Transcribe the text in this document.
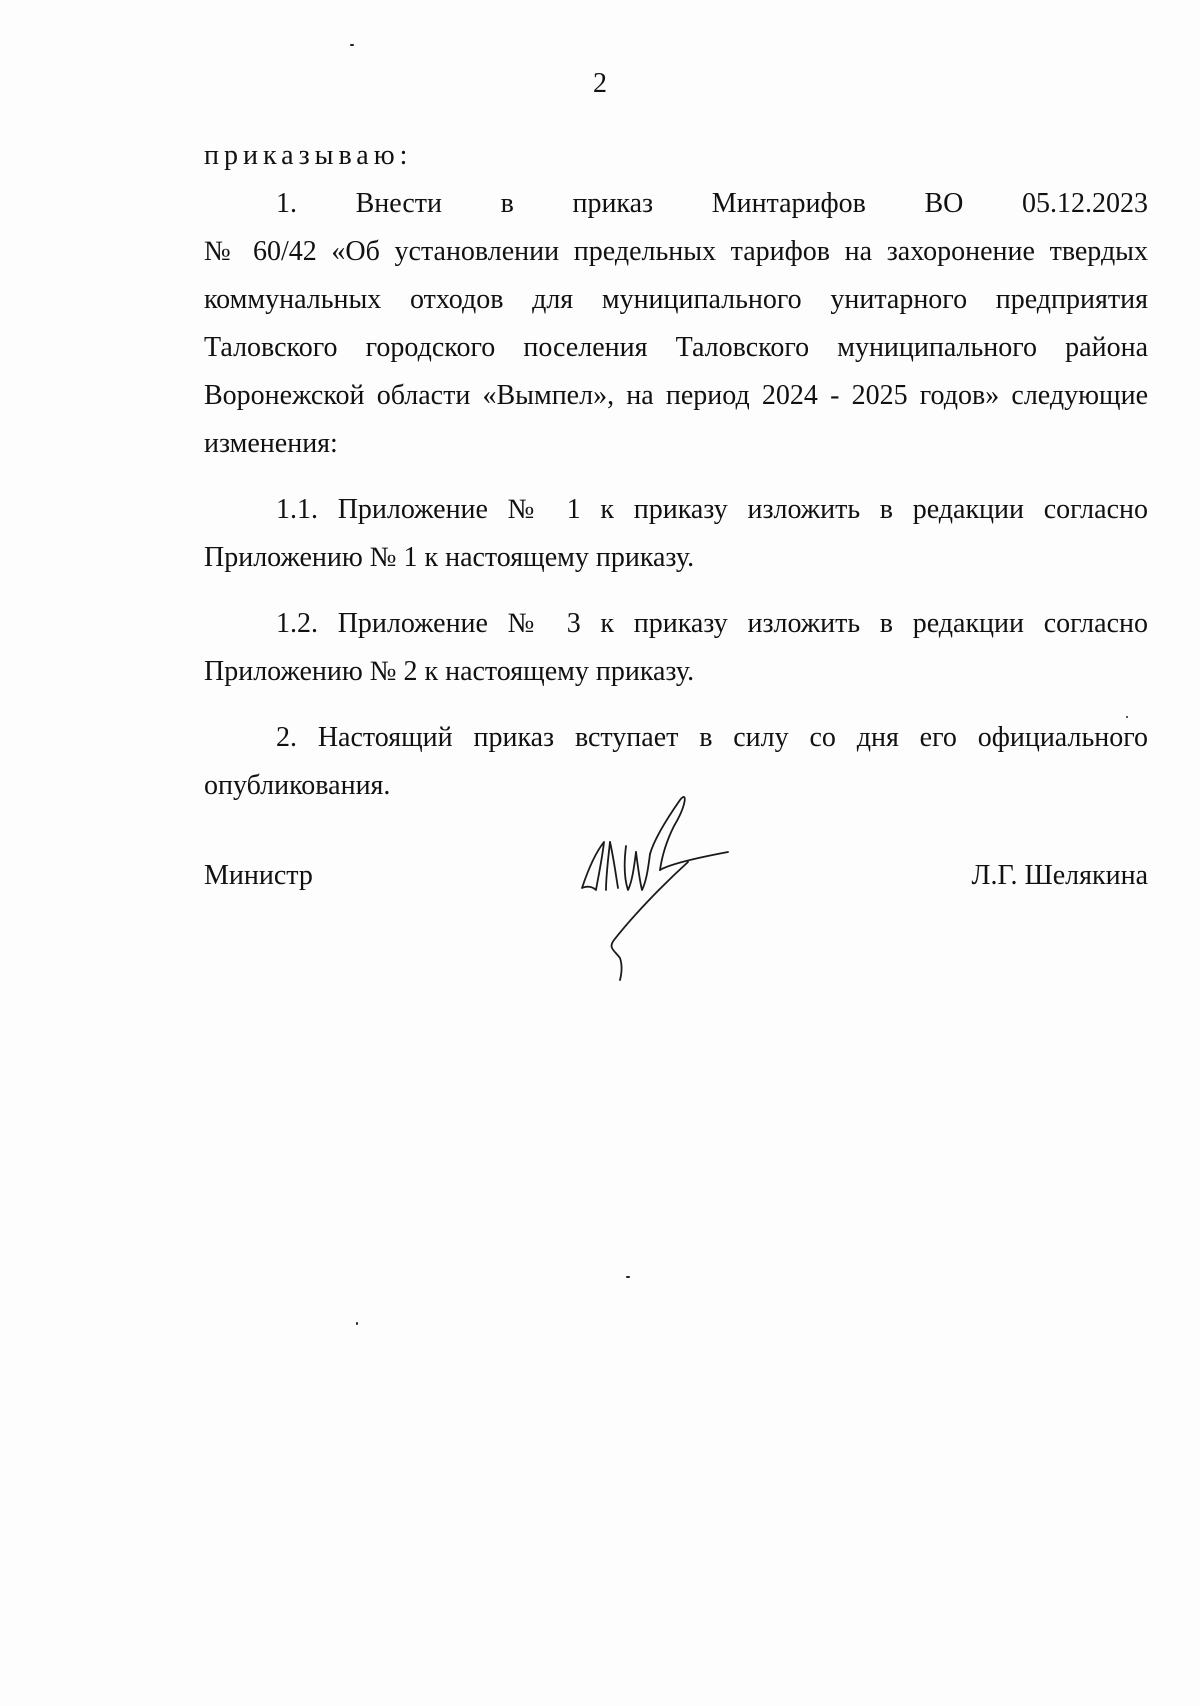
2

приказываю:

1. Внести в приказ Минтарифов ВО 05.12.2023

№ 60/42 «Об установлении предельных тарифов на захоронение твердых коммунальных отходов для муниципального унитарного предприятия Таловского городского поселения Таловского муниципального района Воронежской области «Вымпел», на период 2024 - 2025 годов» следующие изменения:

1.1. Приложение № 1 к приказу изложить в редакции согласно Приложению № 1 к настоящему приказу.

1.2. Приложение № 3 к приказу изложить в редакции согласно Приложению № 2 к настоящему приказу.

2. Настоящий приказ вступает в силу со дня его официального опубликования.

Министр	Л.Г. Шелякина
